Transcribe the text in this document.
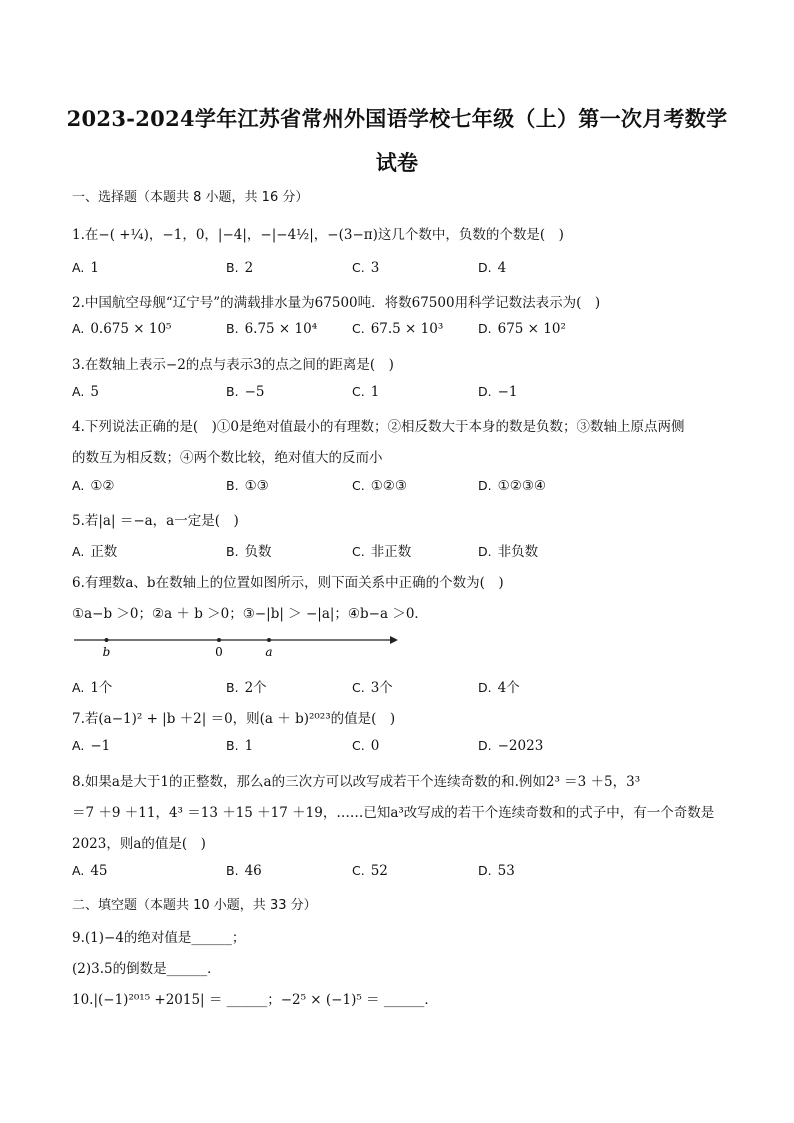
2023-2024学年江苏省常州外国语学校七年级（上）第一次月考数学
试卷
一、选择题（本题共 8 小题，共 16 分）
1.在−( +¼)，−1，0，|−4|，−|−4½|，−(3−π)这几个数中，负数的个数是(　)
A. 1	B. 2	C. 3	D. 4
2.中国航空母舰“辽宁号”的满载排水量为67500吨．将数67500用科学记数法表示为(　)
A. 0.675 × 10⁵	B. 6.75 × 10⁴	C. 67.5 × 10³	D. 675 × 10²
3.在数轴上表示−2的点与表示3的点之间的距离是(　)
A. 5	B. −5	C. 1	D. −1
4.下列说法正确的是(　)①0是绝对值最小的有理数；②相反数大于本身的数是负数；③数轴上原点两侧
的数互为相反数；④两个数比较，绝对值大的反而小
A. ①②	B. ①③	C. ①②③	D. ①②③④
5.若|a| ＝−a，a一定是(　)
A. 正数	B. 负数	C. 非正数	D. 非负数
6.有理数a、b在数轴上的位置如图所示，则下面关系中正确的个数为(　)
①a−b ＞0；②a ＋ b ＞0；③−|b| ＞ −|a|；④b−a ＞0．
b	0	a
A. 1个	B. 2个	C. 3个	D. 4个
7.若(a−1)² + |b ＋2| ＝0，则(a ＋ b)²⁰²³的值是(　)
A. −1	B. 1	C. 0	D. −2023
8.如果a是大于1的正整数，那么a的三次方可以改写成若干个连续奇数的和.例如2³ ＝3 ＋5，3³
＝7 ＋9 ＋11，4³ ＝13 ＋15 ＋17 ＋19，……已知a³改写成的若干个连续奇数和的式子中，有一个奇数是
2023，则a的值是(　)
A. 45	B. 46	C. 52	D. 53
二、填空题（本题共 10 小题，共 33 分）
9.(1)−4的绝对值是______；
(2)3.5的倒数是______．
10.|(−1)²⁰¹⁵ +2015| ＝ ______；−2⁵ × (−1)⁵ ＝ ______．
